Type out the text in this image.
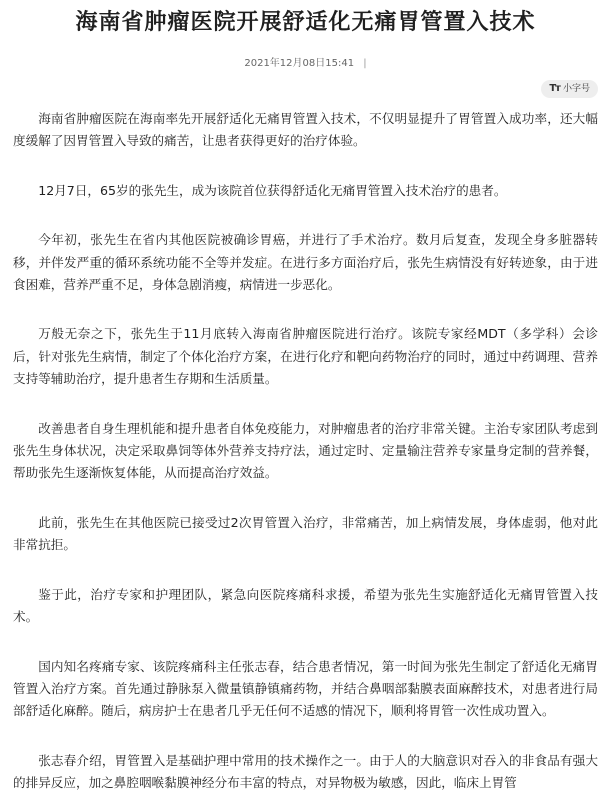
海南省肿瘤医院开展舒适化无痛胃管置入技术
2021年12月08日15:41 |
Tт 小字号

海南省肿瘤医院在海南率先开展舒适化无痛胃管置入技术，不仅明显提升了胃管置入成功率，还大幅度缓解了因胃管置入导致的痛苦，让患者获得更好的治疗体验。

12月7日，65岁的张先生，成为该院首位获得舒适化无痛胃管置入技术治疗的患者。

今年初，张先生在省内其他医院被确诊胃癌，并进行了手术治疗。数月后复查，发现全身多脏器转移，并伴发严重的循环系统功能不全等并发症。在进行多方面治疗后，张先生病情没有好转迹象，由于进食困难，营养严重不足，身体急剧消瘦，病情进一步恶化。

万般无奈之下，张先生于11月底转入海南省肿瘤医院进行治疗。该院专家经MDT（多学科）会诊后，针对张先生病情，制定了个体化治疗方案，在进行化疗和靶向药物治疗的同时，通过中药调理、营养支持等辅助治疗，提升患者生存期和生活质量。

改善患者自身生理机能和提升患者自体免疫能力，对肿瘤患者的治疗非常关键。主治专家团队考虑到张先生身体状况，决定采取鼻饲等体外营养支持疗法，通过定时、定量输注营养专家量身定制的营养餐，帮助张先生逐渐恢复体能，从而提高治疗效益。

此前，张先生在其他医院已接受过2次胃管置入治疗，非常痛苦，加上病情发展，身体虚弱，他对此非常抗拒。

鉴于此，治疗专家和护理团队，紧急向医院疼痛科求援，希望为张先生实施舒适化无痛胃管置入技术。

国内知名疼痛专家、该院疼痛科主任张志春，结合患者情况，第一时间为张先生制定了舒适化无痛胃管置入治疗方案。首先通过静脉泵入微量镇静镇痛药物，并结合鼻咽部黏膜表面麻醉技术，对患者进行局部舒适化麻醉。随后，病房护士在患者几乎无任何不适感的情况下，顺利将胃管一次性成功置入。

张志春介绍，胃管置入是基础护理中常用的技术操作之一。由于人的大脑意识对吞入的非食品有强大的排异反应，加之鼻腔咽喉黏膜神经分布丰富的特点，对异物极为敏感，因此，临床上胃管
